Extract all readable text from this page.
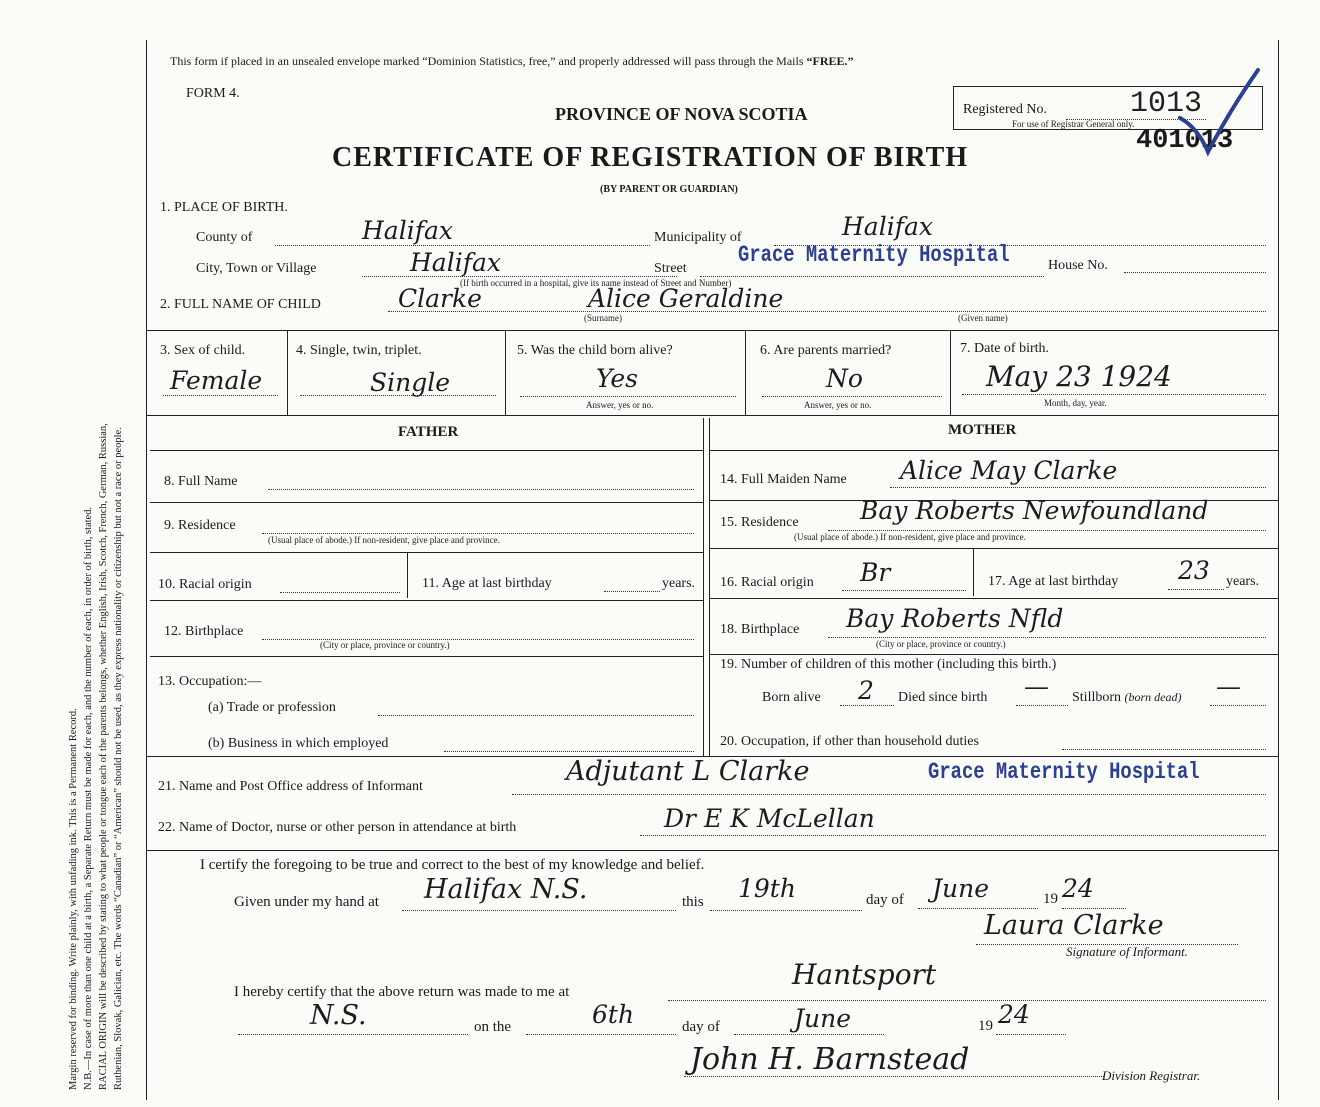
Margin reserved for binding. Write plainly, with unfading ink. This is a Permanent Record. N.B.—In case of more than one child at a birth, a Separate Return must be made for each, and the number of each, in order of birth, stated. RACIAL ORIGIN will be described by stating to what people or tongue each of the parents belongs, whether English, Irish, Scotch, French, German, Russian, Ruthenian, Slovak, Galician, etc. The words “Canadian” or “American” should not be used, as they express nationality or citizenship but not a race or people.
This form if placed in an unsealed envelope marked “Dominion Statistics, free,” and properly addressed will pass through the Mails “FREE.”
FORM 4.
PROVINCE OF NOVA SCOTIA
CERTIFICATE OF REGISTRATION OF BIRTH
(BY PARENT OR GUARDIAN)
Registered No.	1013
For use of Registrar General only.
401013
1. PLACE OF BIRTH.
County of	Halifax	Municipality of	Halifax
City, Town or Village	Halifax	Street
Grace Maternity Hospital
(If birth occurred in a hospital, give its name instead of Street and Number)
House No.
2. FULL NAME OF CHILD	Clarke	Alice Geraldine
(Surname)	(Given name)
3. Sex of child.
Female
4. Single, twin, triplet.
Single
5. Was the child born alive?
Yes
Answer, yes or no.
6. Are parents married?
No
Answer, yes or no.
7. Date of birth.
May 23 1924
Month, day, year.
FATHER	MOTHER
8. Full Name
9. Residence
(Usual place of abode.) If non-resident, give place and province.
10. Racial origin	11. Age at last birthday	years.
12. Birthplace
(City or place, province or country.)
13. Occupation:—
(a) Trade or profession
(b) Business in which employed
14. Full Maiden Name Alice May Clarke
15. Residence Bay Roberts Newfoundland
(Usual place of abode.) If non-resident, give place and province.
16. Racial origin Br	17. Age at last birthday 23 years.
18. Birthplace Bay Roberts Nfld
(City or place, province or country.)
19. Number of children of this mother (including this birth.)
Born alive 2 Died since birth — Stillborn (born dead) —
20. Occupation, if other than household duties
21. Name and Post Office address of Informant	Adjutant L Clarke	Grace Maternity Hospital
22. Name of Doctor, nurse or other person in attendance at birth	Dr E K McLellan
I certify the foregoing to be true and correct to the best of my knowledge and belief.
Given under my hand at Halifax N.S.	this 19th	day of June	19 24
Laura Clarke
Signature of Informant.
I hereby certify that the above return was made to me at
Hantsport
N.S.	on the	6th	day of	June	19 24
John H. Barnstead	Division Registrar.
